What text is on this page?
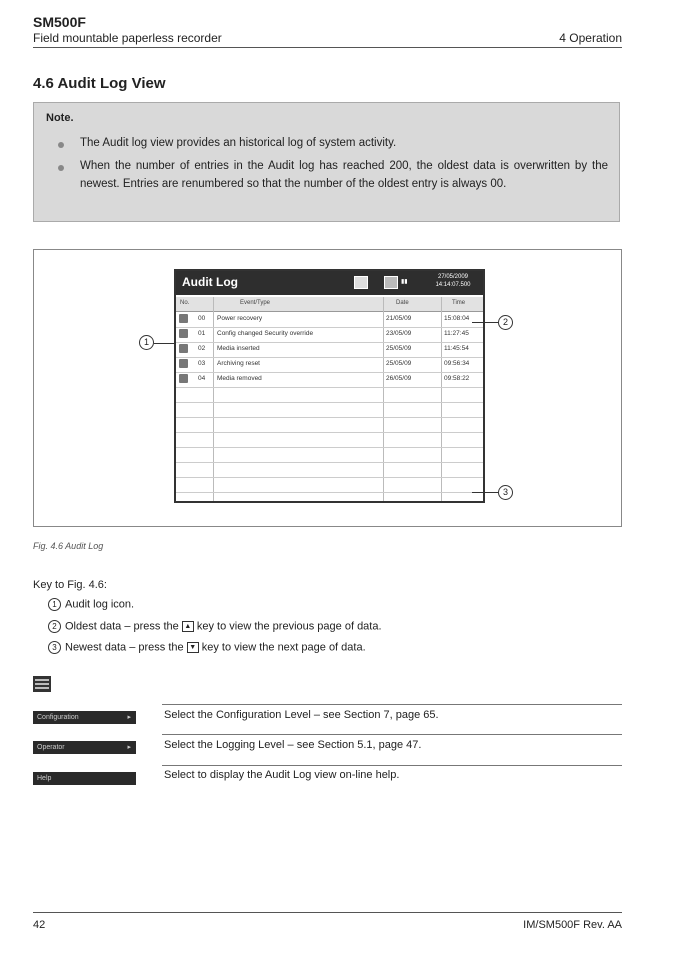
SM500F
Field mountable paperless recorder	4 Operation
4.6 Audit Log View
Note.
The Audit log view provides an historical log of system activity.
When the number of entries in the Audit log has reached 200, the oldest data is overwritten by the newest. Entries are renumbered so that the number of the oldest entry is always 00.
Audit Log	▮▮
27/05/2009
14:14:07.500
No.	Event/Type	Date	Time
00 Power recovery	21/05/09	15:08:04
01 Config changed Security override	23/05/09	11:27:45
02 Media inserted	25/05/09	11:45:54
03 Archiving reset	25/05/09	09:56:34
04 Media removed	26/05/09	09:58:22
1
2
3
Fig. 4.6 Audit Log
Key to Fig. 4.6:
1 Audit log icon.
2 Oldest data – press the ▲ key to view the previous page of data.
3 Newest data – press the ▼ key to view the next page of data.
Configuration	▸	Select the Configuration Level – see Section 7, page 65.
Operator	▸	Select the Logging Level – see Section 5.1, page 47.
Help	Select to display the Audit Log view on-line help.
42	IM/SM500F Rev. AA
